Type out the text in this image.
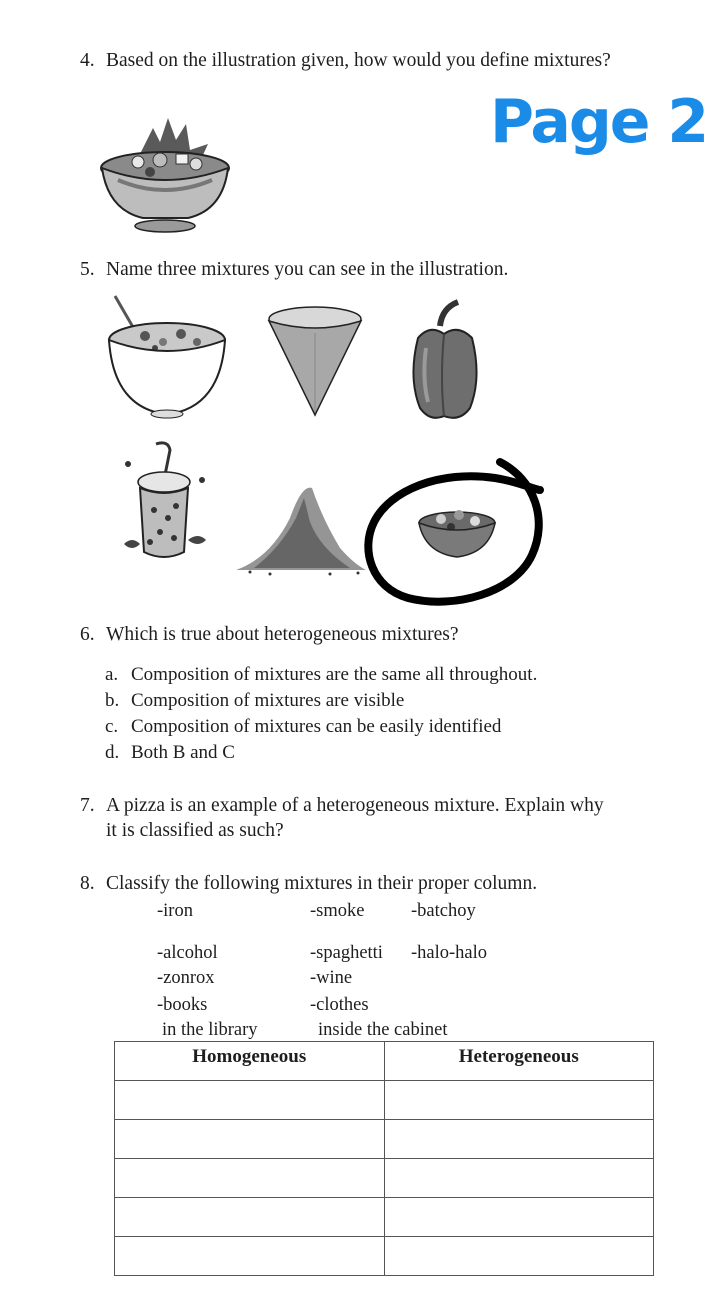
4. Based on the illustration given, how would you define mixtures?
Page 2
5. Name three mixtures you can see in the illustration.
6. Which is true about heterogeneous mixtures?
a. Composition of mixtures are the same all throughout.
b. Composition of mixtures are visible
c. Composition of mixtures can be easily identified
d. Both B and C
7. A pizza is an example of a heterogeneous mixture. Explain why
it is classified as such?
8. Classify the following mixtures in their proper column.
-iron	-smoke	-batchoy
-alcohol	-spaghetti -halo-halo
-zonrox	-wine
-books	-clothes
in the library	inside the cabinet
Homogeneous	Heterogeneous
